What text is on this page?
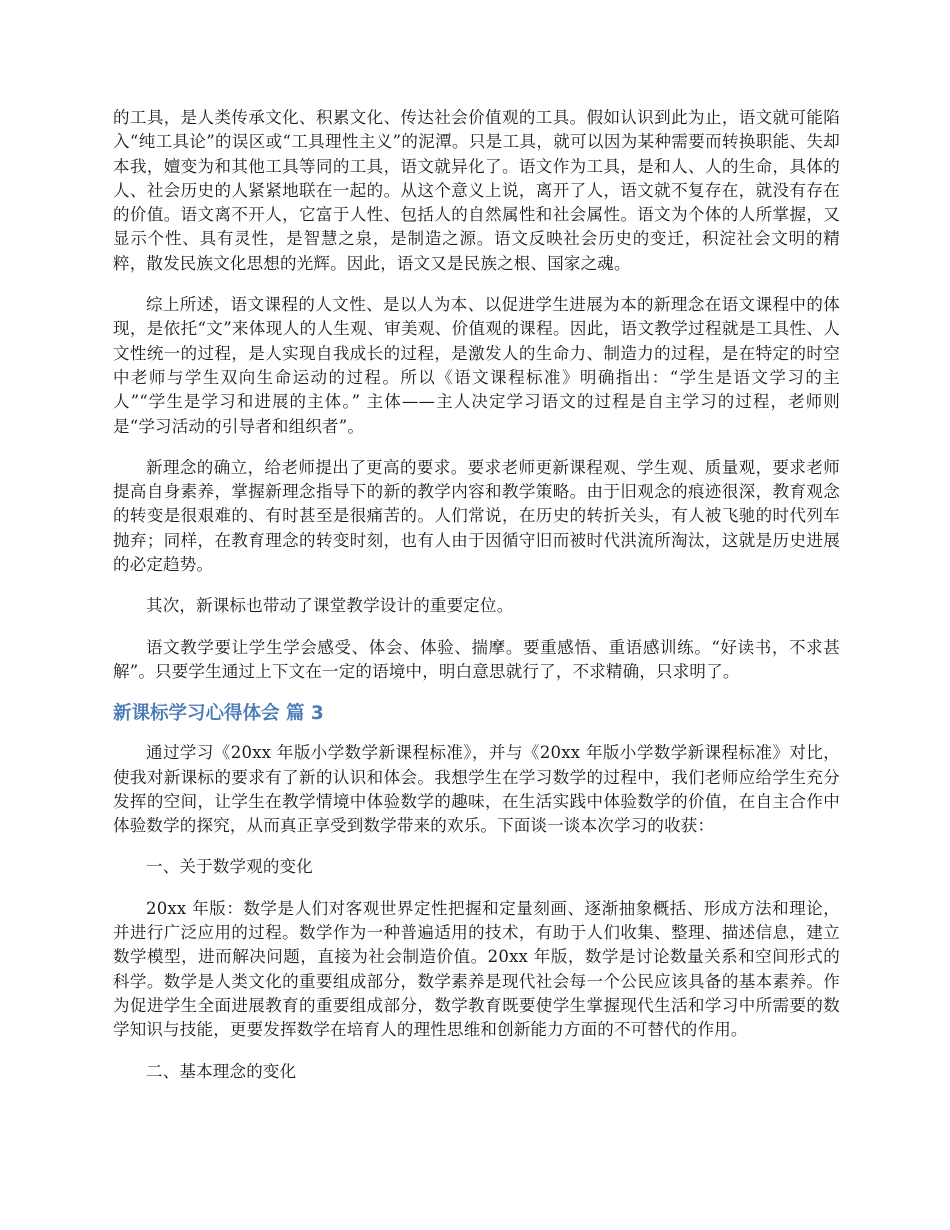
的工具，是人类传承文化、积累文化、传达社会价值观的工具。假如认识到此为止，语文就可能陷入“纯工具论”的误区或“工具理性主义”的泥潭。只是工具，就可以因为某种需要而转换职能、失却本我，嬗变为和其他工具等同的工具，语文就异化了。语文作为工具，是和人、人的生命，具体的人、社会历史的人紧紧地联在一起的。从这个意义上说，离开了人，语文就不复存在，就没有存在的价值。语文离不开人，它富于人性、包括人的自然属性和社会属性。语文为个体的人所掌握，又显示个性、具有灵性，是智慧之泉，是制造之源。语文反映社会历史的变迁，积淀社会文明的精粹，散发民族文化思想的光辉。因此，语文又是民族之根、国家之魂。

综上所述，语文课程的人文性、是以人为本、以促进学生进展为本的新理念在语文课程中的体现，是依托“文”来体现人的人生观、审美观、价值观的课程。因此，语文教学过程就是工具性、人文性统一的过程，是人实现自我成长的过程，是激发人的生命力、制造力的过程，是在特定的时空中老师与学生双向生命运动的过程。所以《语文课程标准》明确指出：“学生是语文学习的主人”“学生是学习和进展的主体。” 主体——主人决定学习语文的过程是自主学习的过程，老师则是“学习活动的引导者和组织者”。

新理念的确立，给老师提出了更高的要求。要求老师更新课程观、学生观、质量观，要求老师提高自身素养，掌握新理念指导下的新的教学内容和教学策略。由于旧观念的痕迹很深，教育观念的转变是很艰难的、有时甚至是很痛苦的。人们常说，在历史的转折关头，有人被飞驰的时代列车抛弃；同样，在教育理念的转变时刻，也有人由于因循守旧而被时代洪流所淘汰，这就是历史进展的必定趋势。

其次，新课标也带动了课堂教学设计的重要定位。

语文教学要让学生学会感受、体会、体验、揣摩。要重感悟、重语感训练。“好读书，不求甚解”。只要学生通过上下文在一定的语境中，明白意思就行了，不求精确，只求明了。

新课标学习心得体会 篇 3

通过学习《20xx 年版小学数学新课程标准》，并与《20xx 年版小学数学新课程标准》对比，使我对新课标的要求有了新的认识和体会。我想学生在学习数学的过程中，我们老师应给学生充分发挥的空间，让学生在教学情境中体验数学的趣味，在生活实践中体验数学的价值，在自主合作中体验数学的探究，从而真正享受到数学带来的欢乐。下面谈一谈本次学习的收获：

一、关于数学观的变化

20xx 年版：数学是人们对客观世界定性把握和定量刻画、逐渐抽象概括、形成方法和理论，并进行广泛应用的过程。数学作为一种普遍适用的技术，有助于人们收集、整理、描述信息，建立数学模型，进而解决问题，直接为社会制造价值。20xx 年版，数学是讨论数量关系和空间形式的科学。数学是人类文化的重要组成部分，数学素养是现代社会每一个公民应该具备的基本素养。作为促进学生全面进展教育的重要组成部分，数学教育既要使学生掌握现代生活和学习中所需要的数学知识与技能，更要发挥数学在培育人的理性思维和创新能力方面的不可替代的作用。

二、基本理念的变化
